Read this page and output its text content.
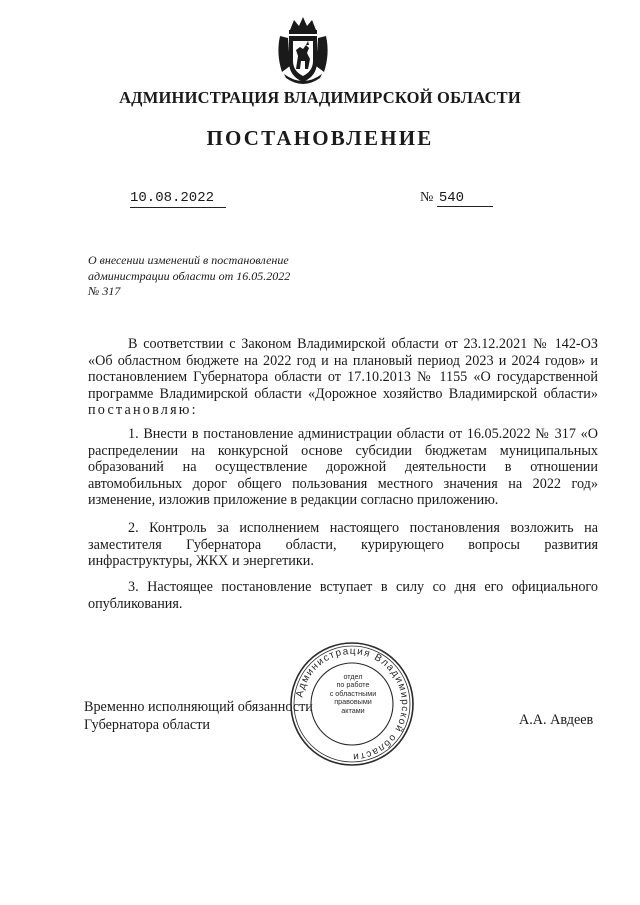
АДМИНИСТРАЦИЯ ВЛАДИМИРСКОЙ ОБЛАСТИ
ПОСТАНОВЛЕНИЕ
10.08.2022	№ 540
О внесении изменений в постановление
администрации области от 16.05.2022
№ 317
В соответствии с Законом Владимирской области от 23.12.2021 № 142-ОЗ «Об областном бюджете на 2022 год и на плановый период 2023 и 2024 годов» и постановлением Губернатора области от 17.10.2013 № 1155 «О государственной программе Владимирской области «Дорожное хозяйство Владимирской области» постановляю:
1. Внести в постановление администрации области от 16.05.2022 № 317 «О распределении на конкурсной основе субсидии бюджетам муниципальных образований на осуществление дорожной деятельности в отношении автомобильных дорог общего пользования местного значения на 2022 год» изменение, изложив приложение в редакции согласно приложению.
2. Контроль за исполнением настоящего постановления возложить на заместителя Губернатора области, курирующего вопросы развития инфраструктуры, ЖКХ и энергетики.
3. Настоящее постановление вступает в силу со дня его официального опубликования.
Временно исполняющий обязанности
Губернатора области	А.А. Авдеев
Администрация Владимирской области
отдел
по работе
с областными
правовыми
актами
